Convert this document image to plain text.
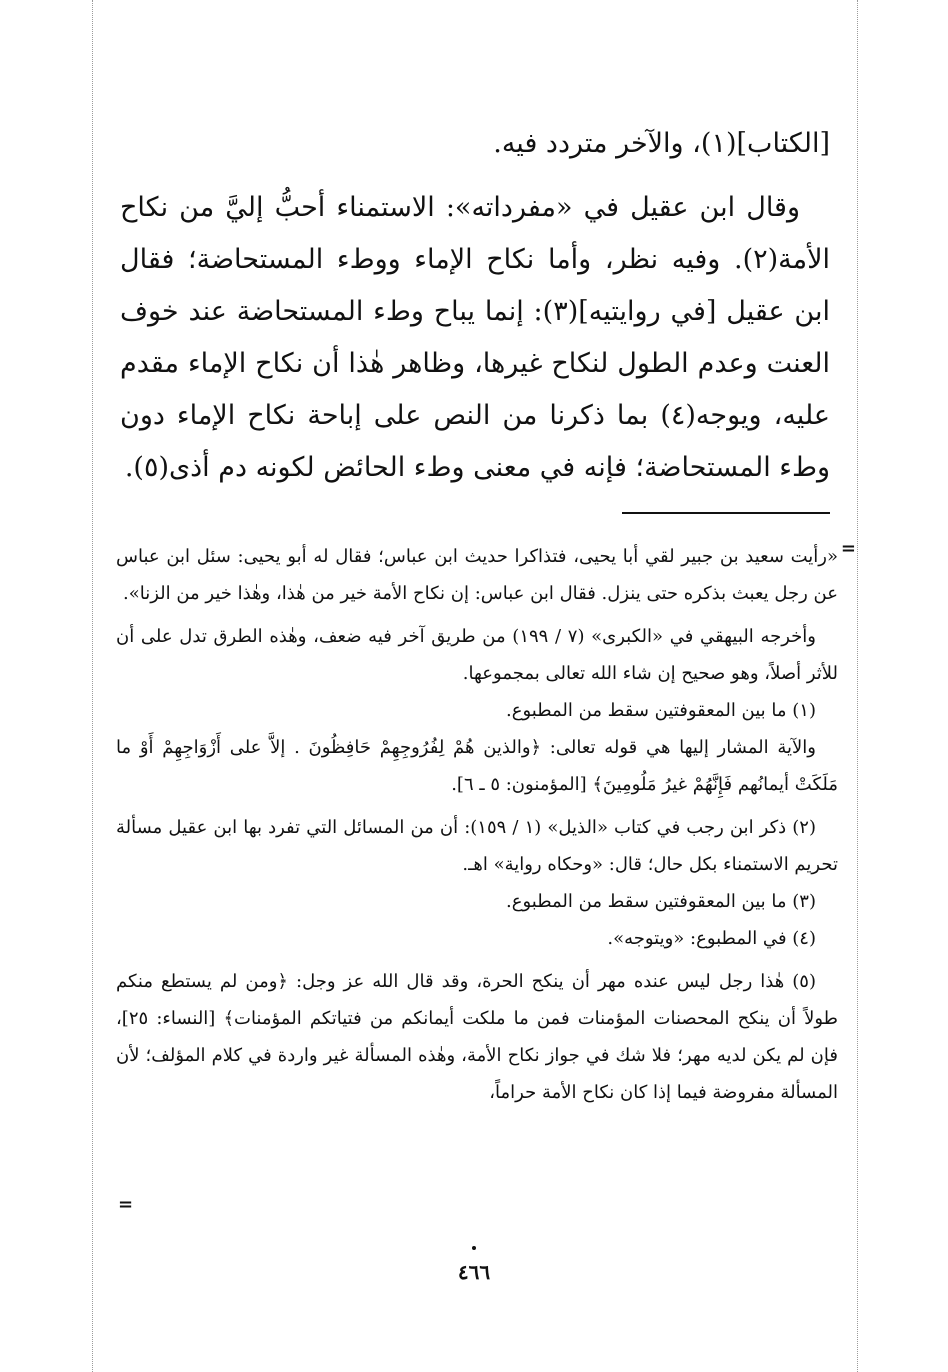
[الكتاب](١)، والآخر متردد فيه.

وقال ابن عقيل في «مفرداته»: الاستمناء أحبُّ إليَّ من نكاح الأمة(٢). وفيه نظر، وأما نكاح الإماء ووطء المستحاضة؛ فقال ابن عقيل [في روايتيه](٣): إنما يباح وطء المستحاضة عند خوف العنت وعدم الطول لنكاح غيرها، وظاهر هٰذا أن نكاح الإماء مقدم عليه، ويوجه(٤) بما ذكرنا من النص على إباحة نكاح الإماء دون وطء المستحاضة؛ فإنه في معنى وطء الحائض لكونه دم أذى(٥).

=

«رأيت سعيد بن جبير لقي أبا يحيى، فتذاكرا حديث ابن عباس؛ فقال له أبو يحيى: سئل ابن عباس عن رجل يعبث بذكره حتى ينزل. فقال ابن عباس: إن نكاح الأمة خير من هٰذا، وهٰذا خير من الزنا».

وأخرجه البيهقي في «الكبرى» (٧ / ١٩٩) من طريق آخر فيه ضعف، وهٰذه الطرق تدل على أن للأثر أصلاً، وهو صحيح إن شاء الله تعالى بمجموعها.

(١) ما بين المعقوفتين سقط من المطبوع.

والآية المشار إليها هي قوله تعالى: ﴿والذين هُمْ لِفُرُوجِهِمْ حَافِظُونَ . إلاَّ على أَزْوَاجِهِمْ أَوْ ما مَلَكَتْ أيمانُهم فَإِنَّهُمْ غيرُ مَلُومِينَ﴾ [المؤمنون: ٥ ـ ٦].

(٢) ذكر ابن رجب في كتاب «الذيل» (١ / ١٥٩): أن من المسائل التي تفرد بها ابن عقيل مسألة تحريم الاستمناء بكل حال؛ قال: «وحكاه رواية» اهـ.

(٣) ما بين المعقوفتين سقط من المطبوع.

(٤) في المطبوع: «ويتوجه».

(٥) هٰذا رجل ليس عنده مهر أن ينكح الحرة، وقد قال الله عز وجل: ﴿ومن لم يستطع منكم طولاً أن ينكح المحصنات المؤمنات فمن ما ملكت أيمانكم من فتياتكم المؤمنات﴾ [النساء: ٢٥]، فإن لم يكن لديه مهر؛ فلا شك في جواز نكاح الأمة، وهٰذه المسألة غير واردة في كلام المؤلف؛ لأن المسألة مفروضة فيما إذا كان نكاح الأمة حراماً،

=
٤٦٦
